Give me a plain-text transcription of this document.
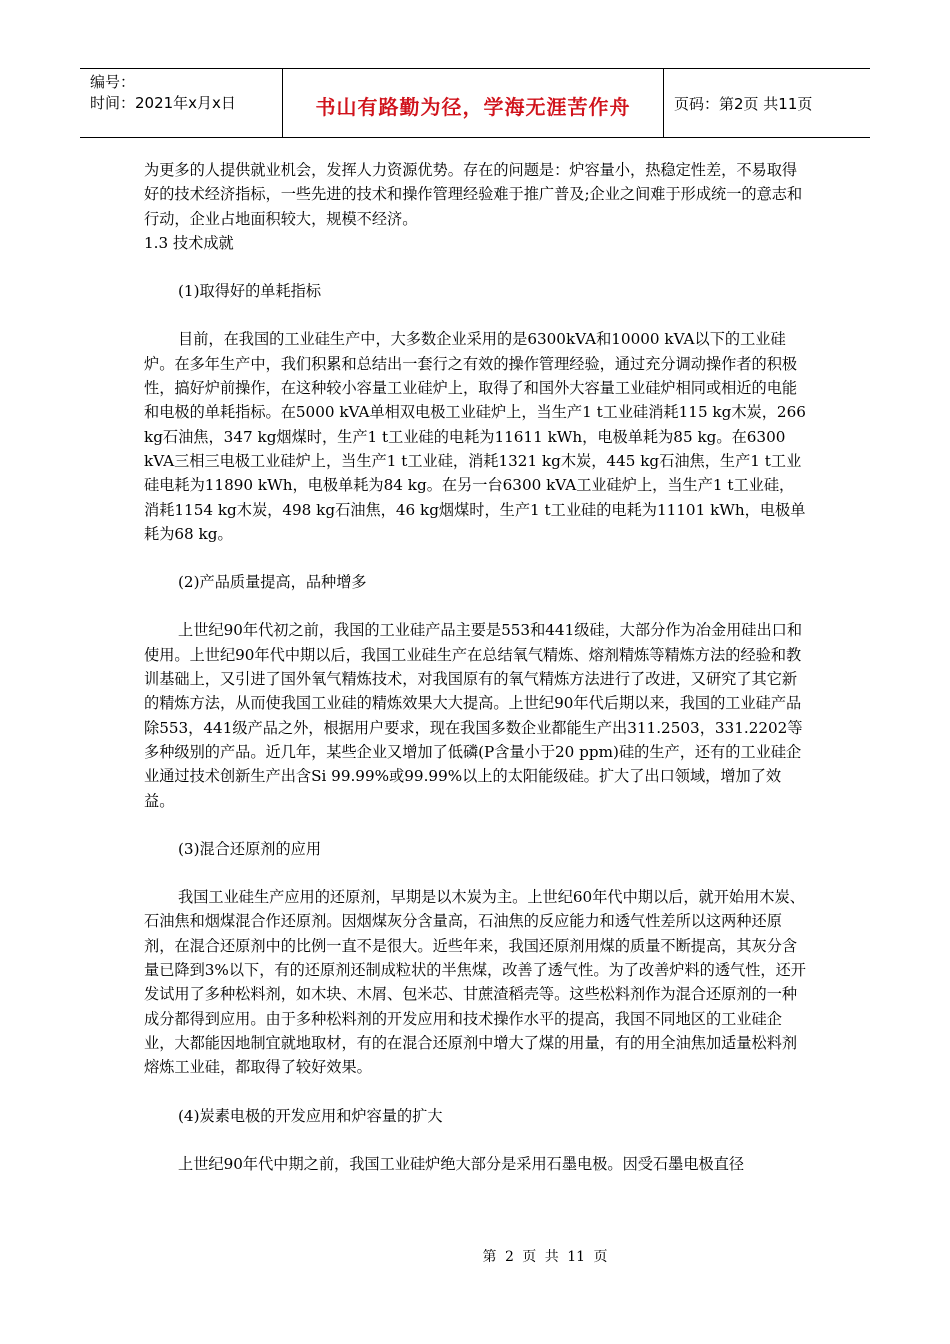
编号：
时间：2021年x月x日	书山有路勤为径，学海无涯苦作舟	页码：第2页 共11页

为更多的人提供就业机会，发挥人力资源优势。存在的问题是：炉容量小，热稳定性差，不易取得好的技术经济指标，一些先进的技术和操作管理经验难于推广普及;企业之间难于形成统一的意志和行动，企业占地面积较大，规模不经济。

1.3 技术成就

(1)取得好的单耗指标

目前，在我国的工业硅生产中，大多数企业采用的是6300kVA和10000 kVA以下的工业硅炉。在多年生产中，我们积累和总结出一套行之有效的操作管理经验，通过充分调动操作者的积极性，搞好炉前操作，在这种较小容量工业硅炉上，取得了和国外大容量工业硅炉相同或相近的电能和电极的单耗指标。在5000 kVA单相双电极工业硅炉上，当生产1 t工业硅消耗115 kg木炭，266 kg石油焦，347 kg烟煤时，生产1 t工业硅的电耗为11611 kWh，电极单耗为85 kg。在6300 kVA三相三电极工业硅炉上，当生产1 t工业硅，消耗1321 kg木炭，445 kg石油焦，生产1 t工业硅电耗为11890 kWh，电极单耗为84 kg。在另一台6300 kVA工业硅炉上，当生产1 t工业硅，消耗1154 kg木炭，498 kg石油焦，46 kg烟煤时，生产1 t工业硅的电耗为11101 kWh，电极单耗为68 kg。

(2)产品质量提高，品种增多

上世纪90年代初之前，我国的工业硅产品主要是553和441级硅，大部分作为冶金用硅出口和使用。上世纪90年代中期以后，我国工业硅生产在总结氧气精炼、熔剂精炼等精炼方法的经验和教训基础上，又引进了国外氧气精炼技术，对我国原有的氧气精炼方法进行了改进，又研究了其它新的精炼方法，从而使我国工业硅的精炼效果大大提高。上世纪90年代后期以来，我国的工业硅产品除553，441级产品之外，根据用户要求，现在我国多数企业都能生产出311.2503，331.2202等多种级别的产品。近几年，某些企业又增加了低磷(P含量小于20 ppm)硅的生产，还有的工业硅企业通过技术创新生产出含Si 99.99%或99.99%以上的太阳能级硅。扩大了出口领域，增加了效益。

(3)混合还原剂的应用

我国工业硅生产应用的还原剂，早期是以木炭为主。上世纪60年代中期以后，就开始用木炭、石油焦和烟煤混合作还原剂。因烟煤灰分含量高，石油焦的反应能力和透气性差所以这两种还原剂，在混合还原剂中的比例一直不是很大。近些年来，我国还原剂用煤的质量不断提高，其灰分含量已降到3%以下，有的还原剂还制成粒状的半焦煤，改善了透气性。为了改善炉料的透气性，还开发试用了多种松料剂，如木块、木屑、包米芯、甘蔗渣稻壳等。这些松料剂作为混合还原剂的一种成分都得到应用。由于多种松料剂的开发应用和技术操作水平的提高，我国不同地区的工业硅企业，大都能因地制宜就地取材，有的在混合还原剂中增大了煤的用量，有的用全油焦加适量松料剂熔炼工业硅，都取得了较好效果。

(4)炭素电极的开发应用和炉容量的扩大

上世纪90年代中期之前，我国工业硅炉绝大部分是采用石墨电极。因受石墨电极直径

第 2 页 共 11 页
